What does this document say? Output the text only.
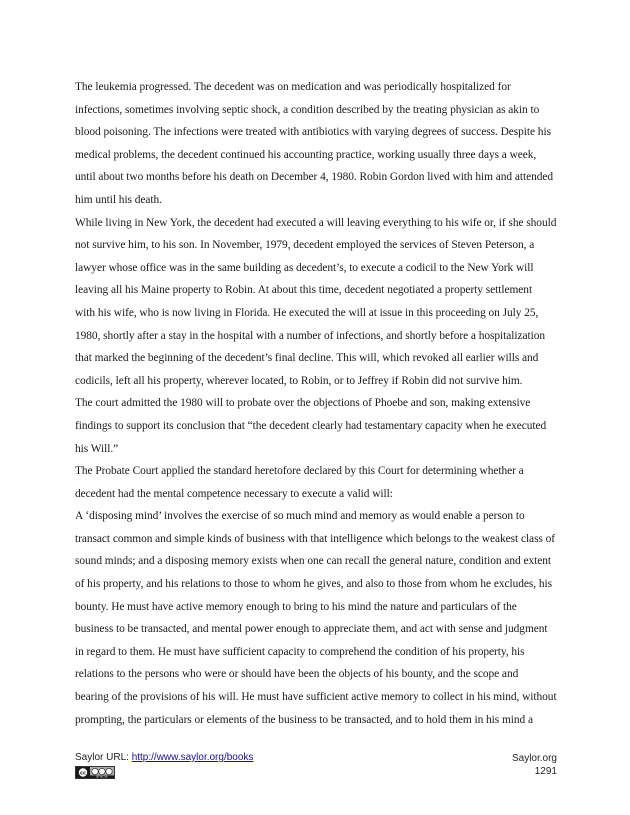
The leukemia progressed. The decedent was on medication and was periodically hospitalized for
infections, sometimes involving septic shock, a condition described by the treating physician as akin to
blood poisoning. The infections were treated with antibiotics with varying degrees of success. Despite his
medical problems, the decedent continued his accounting practice, working usually three days a week,
until about two months before his death on December 4, 1980. Robin Gordon lived with him and attended
him until his death.
While living in New York, the decedent had executed a will leaving everything to his wife or, if she should
not survive him, to his son. In November, 1979, decedent employed the services of Steven Peterson, a
lawyer whose office was in the same building as decedent’s, to execute a codicil to the New York will
leaving all his Maine property to Robin. At about this time, decedent negotiated a property settlement
with his wife, who is now living in Florida. He executed the will at issue in this proceeding on July 25,
1980, shortly after a stay in the hospital with a number of infections, and shortly before a hospitalization
that marked the beginning of the decedent’s final decline. This will, which revoked all earlier wills and
codicils, left all his property, wherever located, to Robin, or to Jeffrey if Robin did not survive him.
The court admitted the 1980 will to probate over the objections of Phoebe and son, making extensive
findings to support its conclusion that “the decedent clearly had testamentary capacity when he executed
his Will.”
The Probate Court applied the standard heretofore declared by this Court for determining whether a
decedent had the mental competence necessary to execute a valid will:
A ‘disposing mind’ involves the exercise of so much mind and memory as would enable a person to
transact common and simple kinds of business with that intelligence which belongs to the weakest class of
sound minds; and a disposing memory exists when one can recall the general nature, condition and extent
of his property, and his relations to those to whom he gives, and also to those from whom he excludes, his
bounty. He must have active memory enough to bring to his mind the nature and particulars of the
business to be transacted, and mental power enough to appreciate them, and act with sense and judgment
in regard to them. He must have sufficient capacity to comprehend the condition of his property, his
relations to the persons who were or should have been the objects of his bounty, and the scope and
bearing of the provisions of his will. He must have sufficient active memory to collect in his mind, without
prompting, the particulars or elements of the business to be transacted, and to hold them in his mind a
Saylor URL: http://www.saylor.org/books
cc
BY NC SA
Saylor.org
1291
